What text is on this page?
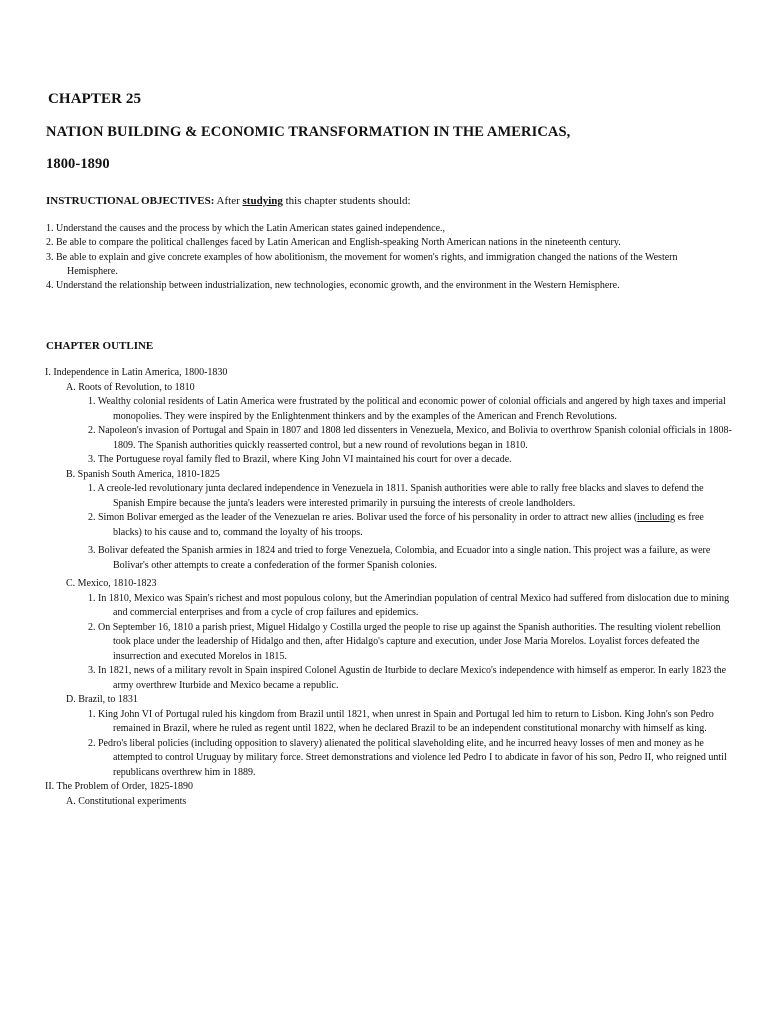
CHAPTER 25
NATION BUILDING & ECONOMIC TRANSFORMATION IN THE AMERICAS,
1800-1890
INSTRUCTIONAL OBJECTIVES: After studying this chapter students should:
1. Understand the causes and the process by which the Latin American states gained independence.,
2. Be able to compare the political challenges faced by Latin American and English-speaking North American nations in the nineteenth century.
3. Be able to explain and give concrete examples of how abolitionism, the movement for women's rights, and immigration changed the nations of the Western Hemisphere.
4. Understand the relationship between industrialization, new technologies, economic growth, and the environment in the Western Hemisphere.
CHAPTER OUTLINE
I. Independence in Latin America, 1800-1830
A. Roots of Revolution, to 1810
1. Wealthy colonial residents of Latin America were frustrated by the political and economic power of colonial officials and angered by high taxes and imperial monopolies. They were inspired by the Enlightenment thinkers and by the examples of the American and French Revolutions.
2. Napoleon's invasion of Portugal and Spain in 1807 and 1808 led dissenters in Venezuela, Mexico, and Bolivia to overthrow Spanish colonial officials in 1808-1809. The Spanish authorities quickly reasserted control, but a new round of revolutions began in 1810.
3. The Portuguese royal family fled to Brazil, where King John VI maintained his court for over a decade.
B. Spanish South America, 1810-1825
1. A creole-led revolutionary junta declared independence in Venezuela in 1811. Spanish authorities were able to rally free blacks and slaves to defend the Spanish Empire because the junta's leaders were interested primarily in pursuing the interests of creole landholders.
2. Simon Bolivar emerged as the leader of the Venezuelan re aries. Bolivar used the force of his personality in order to attract new allies (including es free blacks) to his cause and to, command the loyalty of his troops.
3. Bolivar defeated the Spanish armies in 1824 and tried to forge Venezuela, Colombia, and Ecuador into a single nation. This project was a failure, as were Bolivar's other attempts to create a confederation of the former Spanish colonies.
C. Mexico, 1810-1823
1. In 1810, Mexico was Spain's richest and most populous colony, but the Amerindian population of central Mexico had suffered from dislocation due to mining and commercial enterprises and from a cycle of crop failures and epidemics.
2. On September 16, 1810 a parish priest, Miguel Hidalgo y Costilla urged the people to rise up against the Spanish authorities. The resulting violent rebellion took place under the leadership of Hidalgo and then, after Hidalgo's capture and execution, under Jose Maria Morelos. Loyalist forces defeated the insurrection and executed Morelos in 1815.
3. In 1821, news of a military revolt in Spain inspired Colonel Agustin de Iturbide to declare Mexico's independence with himself as emperor. In early 1823 the army overthrew Iturbide and Mexico became a republic.
D. Brazil, to 1831
1. King John VI of Portugal ruled his kingdom from Brazil until 1821, when unrest in Spain and Portugal led him to return to Lisbon. King John's son Pedro remained in Brazil, where he ruled as regent until 1822, when he declared Brazil to be an independent constitutional monarchy with himself as king.
2. Pedro's liberal policies (including opposition to slavery) alienated the political slaveholding elite, and he incurred heavy losses of men and money as he attempted to control Uruguay by military force. Street demonstrations and violence led Pedro I to abdicate in favor of his son, Pedro II, who reigned until republicans overthrew him in 1889.
II. The Problem of Order, 1825-1890
A. Constitutional experiments
